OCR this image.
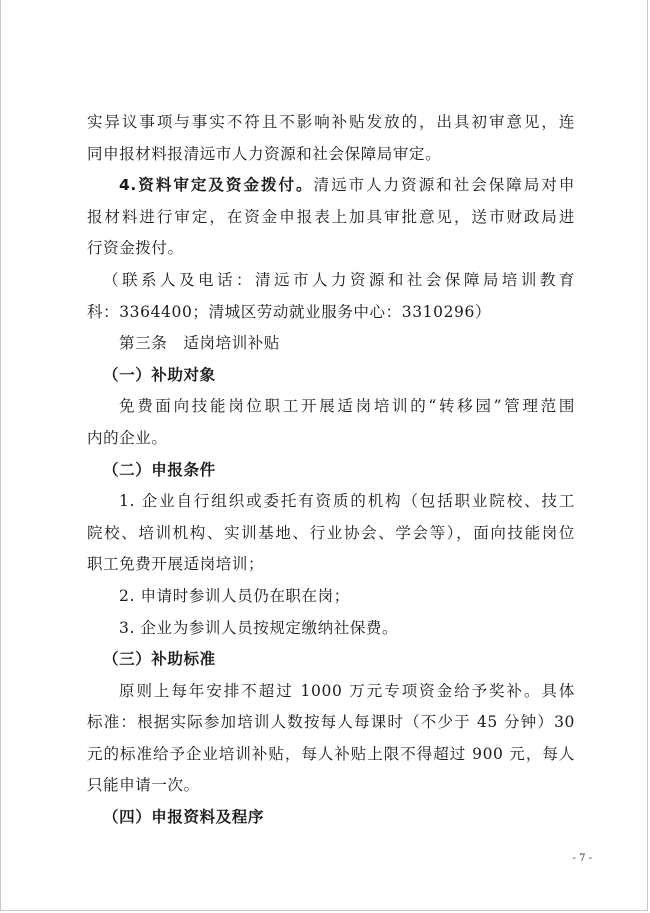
实异议事项与事实不符且不影响补贴发放的，出具初审意见，连
同申报材料报清远市人力资源和社会保障局审定。
4.资料审定及资金拨付。清远市人力资源和社会保障局对申
报材料进行审定，在资金申报表上加具审批意见，送市财政局进
行资金拨付。
（联系人及电话：清远市人力资源和社会保障局培训教育
科：3364400；清城区劳动就业服务中心：3310296）
第三条　适岗培训补贴
（一）补助对象
免费面向技能岗位职工开展适岗培训的“转移园”管理范围
内的企业。
（二）申报条件
1. 企业自行组织或委托有资质的机构（包括职业院校、技工
院校、培训机构、实训基地、行业协会、学会等），面向技能岗位
职工免费开展适岗培训；
2. 申请时参训人员仍在职在岗；
3. 企业为参训人员按规定缴纳社保费。
（三）补助标准
原则上每年安排不超过 1000 万元专项资金给予奖补。具体
标准：根据实际参加培训人数按每人每课时（不少于 45 分钟）30
元的标准给予企业培训补贴，每人补贴上限不得超过 900 元，每人
只能申请一次。
（四）申报资料及程序
- 7 -
